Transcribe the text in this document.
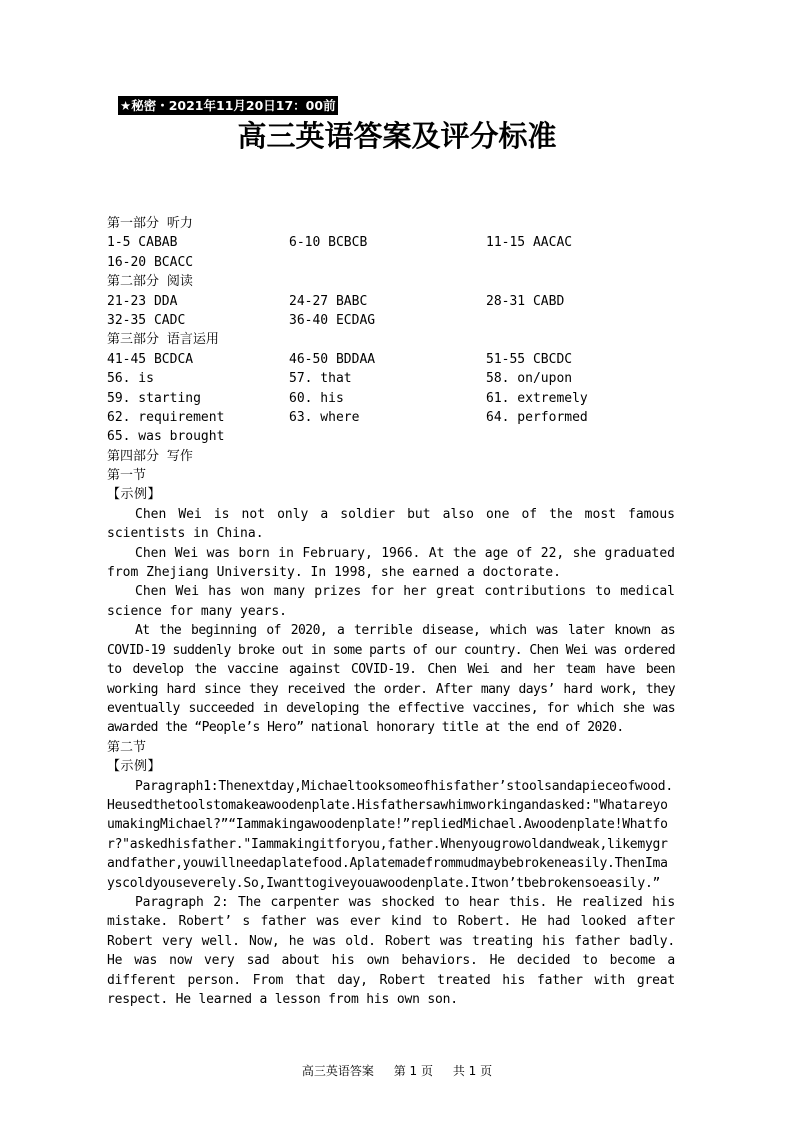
★秘密・2021年11月20日17：00前
高三英语答案及评分标准
第一部分 听力
1-5 CABAB	6-10 BCBCB	11-15 AACAC
16-20 BCACC
第二部分 阅读
21-23 DDA	24-27 BABC	28-31 CABD
32-35 CADC	36-40 ECDAG
第三部分 语言运用
41-45 BCDCA	46-50 BDDAA	51-55 CBCDC
56. is	57. that	58. on/upon
59. starting	60. his	61. extremely
62. requirement	63. where	64. performed
65. was brought
第四部分 写作
第一节
【示例】

Chen Wei is not only a soldier but also one of the most famous scientists in China.

Chen Wei was born in February, 1966. At the age of 22, she graduated from Zhejiang University. In 1998, she earned a doctorate.

Chen Wei has won many prizes for her great contributions to medical science for many years.

At the beginning of 2020, a terrible disease, which was later known as COVID-19 suddenly broke out in some parts of our country. Chen Wei was ordered to develop the vaccine against COVID-19. Chen Wei and her team have been working hard since they received the order. After many days’ hard work, they eventually succeeded in developing the effective vaccines, for which she was awarded the “People’s Hero” national honorary title at the end of 2020.

第二节
【示例】

Paragraph1:Thenextday,Michaeltooksomeofhisfather’stoolsandapieceofwood.Heusedthetoolstomakeawoodenplate.Hisfathersawhimworkingandasked:"WhatareyoumakingMichael?”“Iammakingawoodenplate!”repliedMichael.Awoodenplate!Whatfor?"askedhisfather."Iammakingitforyou,father.Whenyougrowoldandweak,likemygrandfather,youwillneedaplatefood.Aplatemadefrommudmaybebrokeneasily.ThenImayscoldyouseverely.So,Iwanttogiveyouawoodenplate.Itwon’tbebrokensoeasily.”

Paragraph 2: The carpenter was shocked to hear this. He realized his mistake. Robert’ s father was ever kind to Robert. He had looked after Robert very well. Now, he was old. Robert was treating his father badly. He was now very sad about his own behaviors. He decided to become a different person. From that day, Robert treated his father with great respect. He learned a lesson from his own son.

高三英语答案 第 1 页 共 1 页
